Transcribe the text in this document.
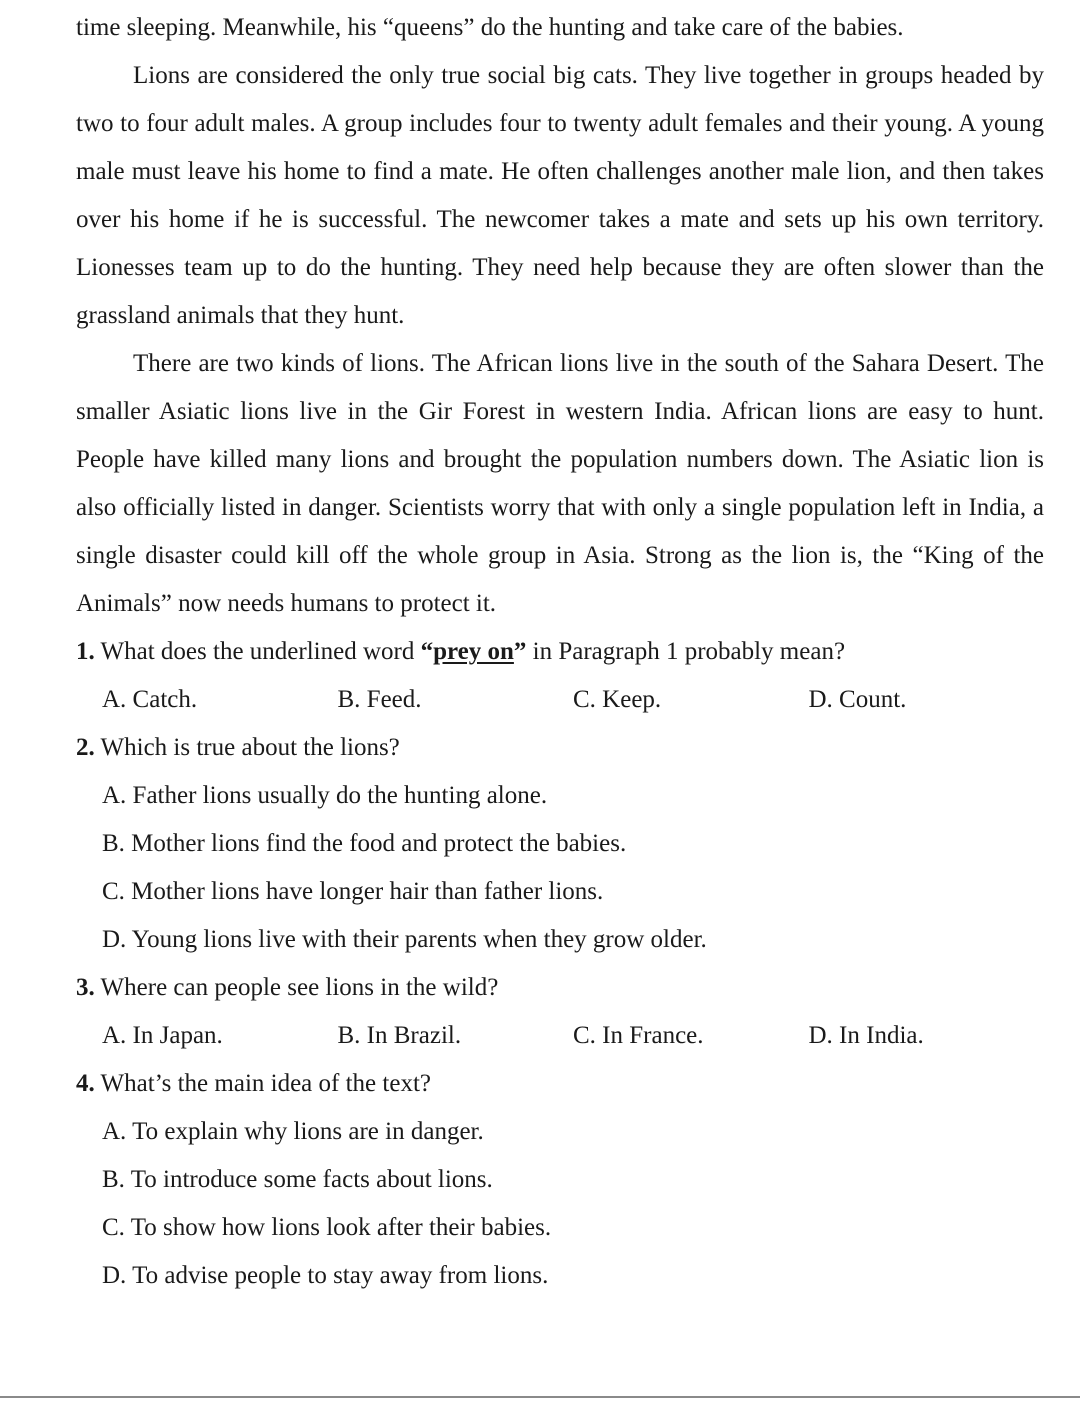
time sleeping. Meanwhile, his “queens” do the hunting and take care of the babies.

Lions are considered the only true social big cats. They live together in groups headed by two to four adult males. A group includes four to twenty adult females and their young. A young male must leave his home to find a mate. He often challenges another male lion, and then takes over his home if he is successful. The newcomer takes a mate and sets up his own territory. Lionesses team up to do the hunting. They need help because they are often slower than the grassland animals that they hunt.

There are two kinds of lions. The African lions live in the south of the Sahara Desert. The smaller Asiatic lions live in the Gir Forest in western India. African lions are easy to hunt. People have killed many lions and brought the population numbers down. The Asiatic lion is also officially listed in danger. Scientists worry that with only a single population left in India, a single disaster could kill off the whole group in Asia. Strong as the lion is, the “King of the Animals” now needs humans to protect it.

1. What does the underlined word “prey on” in Paragraph 1 probably mean?

A. Catch.	B. Feed.	C. Keep.	D. Count.

2. Which is true about the lions?

A. Father lions usually do the hunting alone.

B. Mother lions find the food and protect the babies.

C. Mother lions have longer hair than father lions.

D. Young lions live with their parents when they grow older.

3. Where can people see lions in the wild?

A. In Japan.	B. In Brazil.	C. In France.	D. In India.

4. What’s the main idea of the text?

A. To explain why lions are in danger.

B. To introduce some facts about lions.

C. To show how lions look after their babies.

D. To advise people to stay away from lions.
